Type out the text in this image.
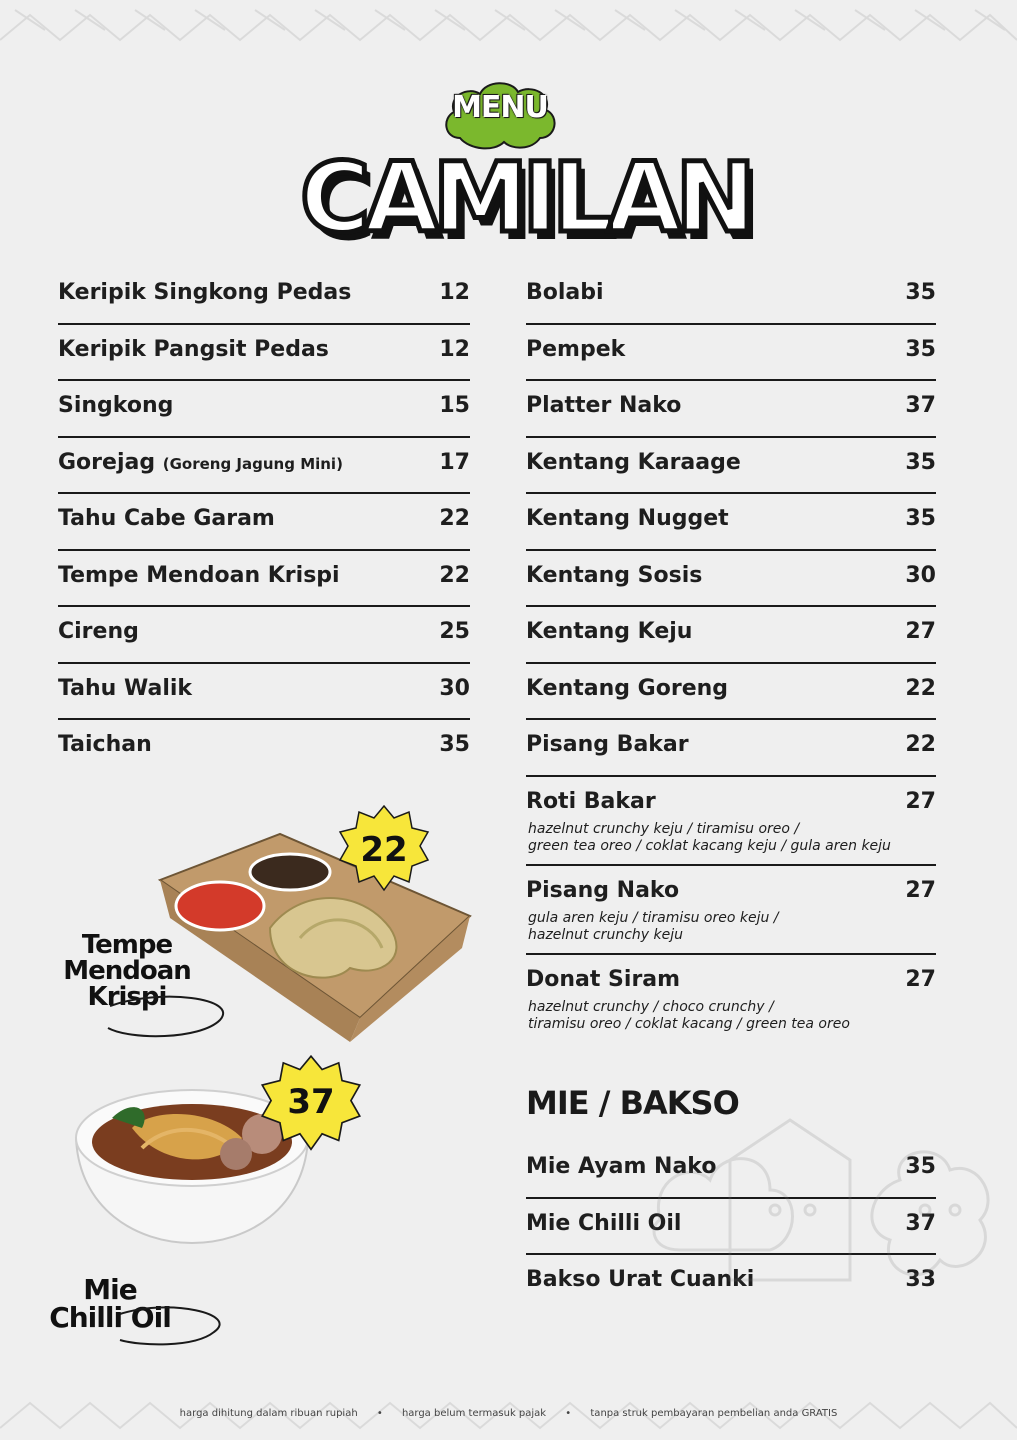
MENU
CAMILAN
Keripik Singkong Pedas	12
Keripik Pangsit Pedas	12
Singkong	15
Gorejag (Goreng Jagung Mini)	17
Tahu Cabe Garam	22
Tempe Mendoan Krispi	22
Cireng	25
Tahu Walik	30
Taichan	35
Bolabi	35
Pempek	35
Platter Nako	37
Kentang Karaage	35
Kentang Nugget	35
Kentang Sosis	30
Kentang Keju	27
Kentang Goreng	22
Pisang Bakar	22
Roti Bakar	27
hazelnut crunchy keju / tiramisu oreo /
green tea oreo / coklat kacang keju / gula aren keju
Pisang Nako	27
gula aren keju / tiramisu oreo keju /
hazelnut crunchy keju
Donat Siram	27
hazelnut crunchy / choco crunchy /
tiramisu oreo / coklat kacang / green tea oreo
MIE / BAKSO
Mie Ayam Nako	35
Mie Chilli Oil	37
Bakso Urat Cuanki	33
22
Tempe
Mendoan
Krispi
37
Mie
Chilli Oil
harga dihitung dalam ribuan rupiah • harga belum termasuk pajak • tanpa struk pembayaran pembelian anda GRATIS
